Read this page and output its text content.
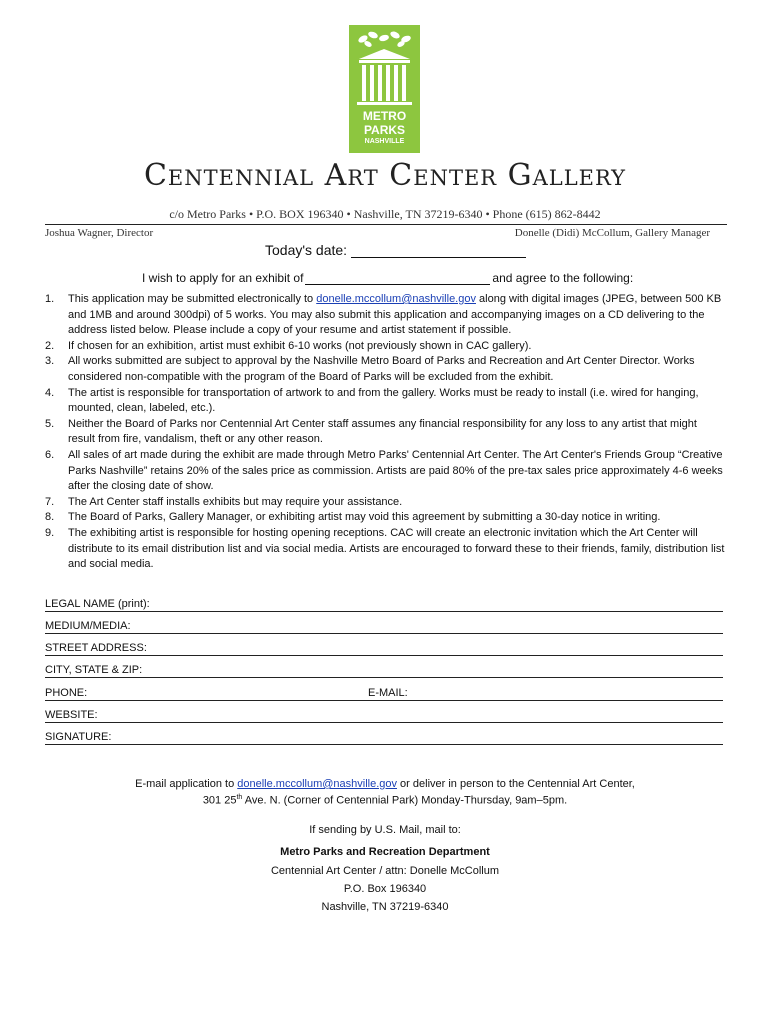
METRO
PARKS
NASHVILLE
Centennial Art Center Gallery
c/o Metro Parks • P.O. BOX 196340 • Nashville, TN 37219-6340 • Phone (615) 862-8442
Joshua Wagner, Director	Donelle (Didi) McCollum, Gallery Manager
Today's date:
I wish to apply for an exhibit of	and agree to the following:
1. This application may be submitted electronically to donelle.mccollum@nashville.gov along with digital images (JPEG, between 500 KB and 1MB and around 300dpi) of 5 works. You may also submit this application and accompanying images on a CD delivering to the address listed below. Please include a copy of your resume and artist statement if possible.
2. If chosen for an exhibition, artist must exhibit 6-10 works (not previously shown in CAC gallery).
3. All works submitted are subject to approval by the Nashville Metro Board of Parks and Recreation and Art Center Director. Works considered non-compatible with the program of the Board of Parks will be excluded from the exhibit.
4. The artist is responsible for transportation of artwork to and from the gallery. Works must be ready to install (i.e. wired for hanging, mounted, clean, labeled, etc.).
5. Neither the Board of Parks nor Centennial Art Center staff assumes any financial responsibility for any loss to any artist that might result from fire, vandalism, theft or any other reason.
6. All sales of art made during the exhibit are made through Metro Parks' Centennial Art Center. The Art Center's Friends Group “Creative Parks Nashville” retains 20% of the sales price as commission. Artists are paid 80% of the pre-tax sales price approximately 4-6 weeks after the closing date of show.
7. The Art Center staff installs exhibits but may require your assistance.
8. The Board of Parks, Gallery Manager, or exhibiting artist may void this agreement by submitting a 30-day notice in writing.
9. The exhibiting artist is responsible for hosting opening receptions. CAC will create an electronic invitation which the Art Center will distribute to its email distribution list and via social media. Artists are encouraged to forward these to their friends, family, distribution list and social media.
LEGAL NAME (print):
MEDIUM/MEDIA:
STREET ADDRESS:
CITY, STATE & ZIP:
PHONE:	E-MAIL:
WEBSITE:
SIGNATURE:
E-mail application to donelle.mccollum@nashville.gov or deliver in person to the Centennial Art Center,
301 25th Ave. N. (Corner of Centennial Park) Monday-Thursday, 9am–5pm.
If sending by U.S. Mail, mail to:
Metro Parks and Recreation Department
Centennial Art Center / attn: Donelle McCollum
P.O. Box 196340
Nashville, TN 37219-6340
